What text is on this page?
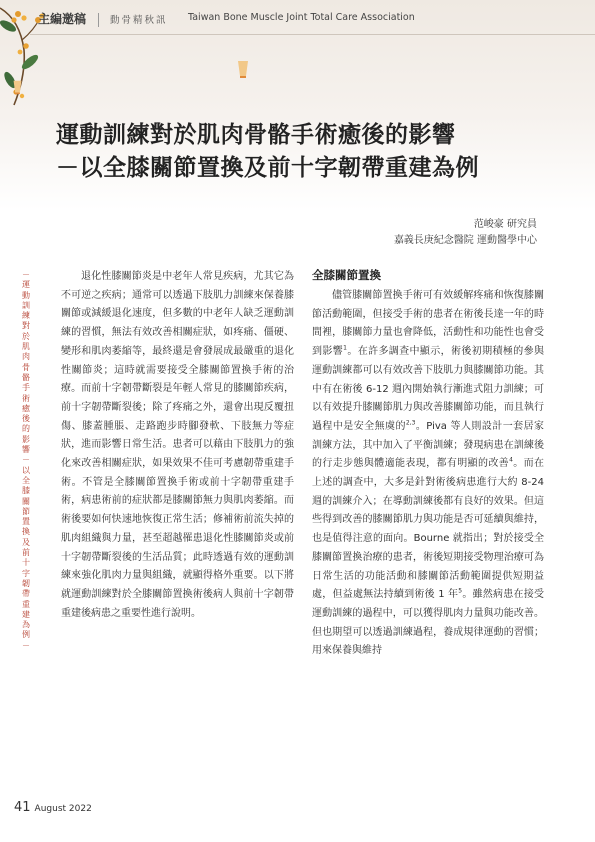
主編邀稿	動骨精秋訊 Taiwan Bone Muscle Joint Total Care Association
運動訓練對於肌肉骨骼手術癒後的影響
－以全膝關節置換及前十字韌帶重建為例
范峻豪 研究員
嘉義長庚紀念醫院 運動醫學中心
－運動訓練對於肌肉骨骼手術癒後的影響－以全膝關節置換及前十字韌帶重建為例－

退化性膝關節炎是中老年人常見疾病，尤其它為不可逆之疾病；通常可以透過下肢肌力訓練來保養膝關節或減緩退化速度，但多數的中老年人缺乏運動訓練的習慣，無法有效改善相關症狀，如疼痛、僵硬、變形和肌肉萎縮等，最終還是會發展成最嚴重的退化性關節炎；這時就需要接受全膝關節置換手術的治療。而前十字韌帶斷裂是年輕人常見的膝關節疾病，前十字韌帶斷裂後；除了疼痛之外，還會出現反覆扭傷、膝蓋腫脹、走路跑步時腳發軟、下肢無力等症狀，進而影響日常生活。患者可以藉由下肢肌力的強化來改善相關症狀，如果效果不佳可考慮韌帶重建手術。不管是全膝關節置換手術或前十字韌帶重建手術，病患術前的症狀都是膝關節無力與肌肉萎縮。而術後要如何快速地恢復正常生活；修補術前流失掉的肌肉組織與力量，甚至超越罹患退化性膝關節炎或前十字韌帶斷裂後的生活品質；此時透過有效的運動訓練來強化肌肉力量與組織，就顯得格外重要。以下將就運動訓練對於全膝關節置換術後病人與前十字韌帶重建後病患之重要性進行說明。

全膝關節置換

儘管膝關節置換手術可有效緩解疼痛和恢復膝關節活動範圍，但接受手術的患者在術後長達一年的時間裡，膝關節力量也會降低，活動性和功能性也會受到影響$^1$。在許多調查中顯示，術後初期積極的參與運動訓練都可以有效改善下肢肌力與膝關節功能。其中有在術後 6-12 週內開始執行漸進式阻力訓練；可以有效提升膝關節肌力與改善膝關節功能，而且執行過程中是安全無虞的$^{2,3}$。Piva 等人則設計一套居家訓練方法，其中加入了平衡訓練；發現病患在訓練後的行走步態與體適能表現，都有明顯的改善$^4$。而在上述的調查中，大多是針對術後病患進行大約 8-24 週的訓練介入；在導動訓練後都有良好的效果。但這些得到改善的膝關節肌力與功能是否可延續與維持，也是值得注意的面向。Bourne 就指出；對於接受全膝關節置換治療的患者，術後短期接受物理治療可為日常生活的功能活動和膝關節活動範圍提供短期益處，但益處無法持續到術後 1 年$^5$。雖然病患在接受運動訓練的過程中，可以獲得肌肉力量與功能改善。但也期望可以透過訓練過程，養成規律運動的習慣；用來保養與維持

41 August 2022
